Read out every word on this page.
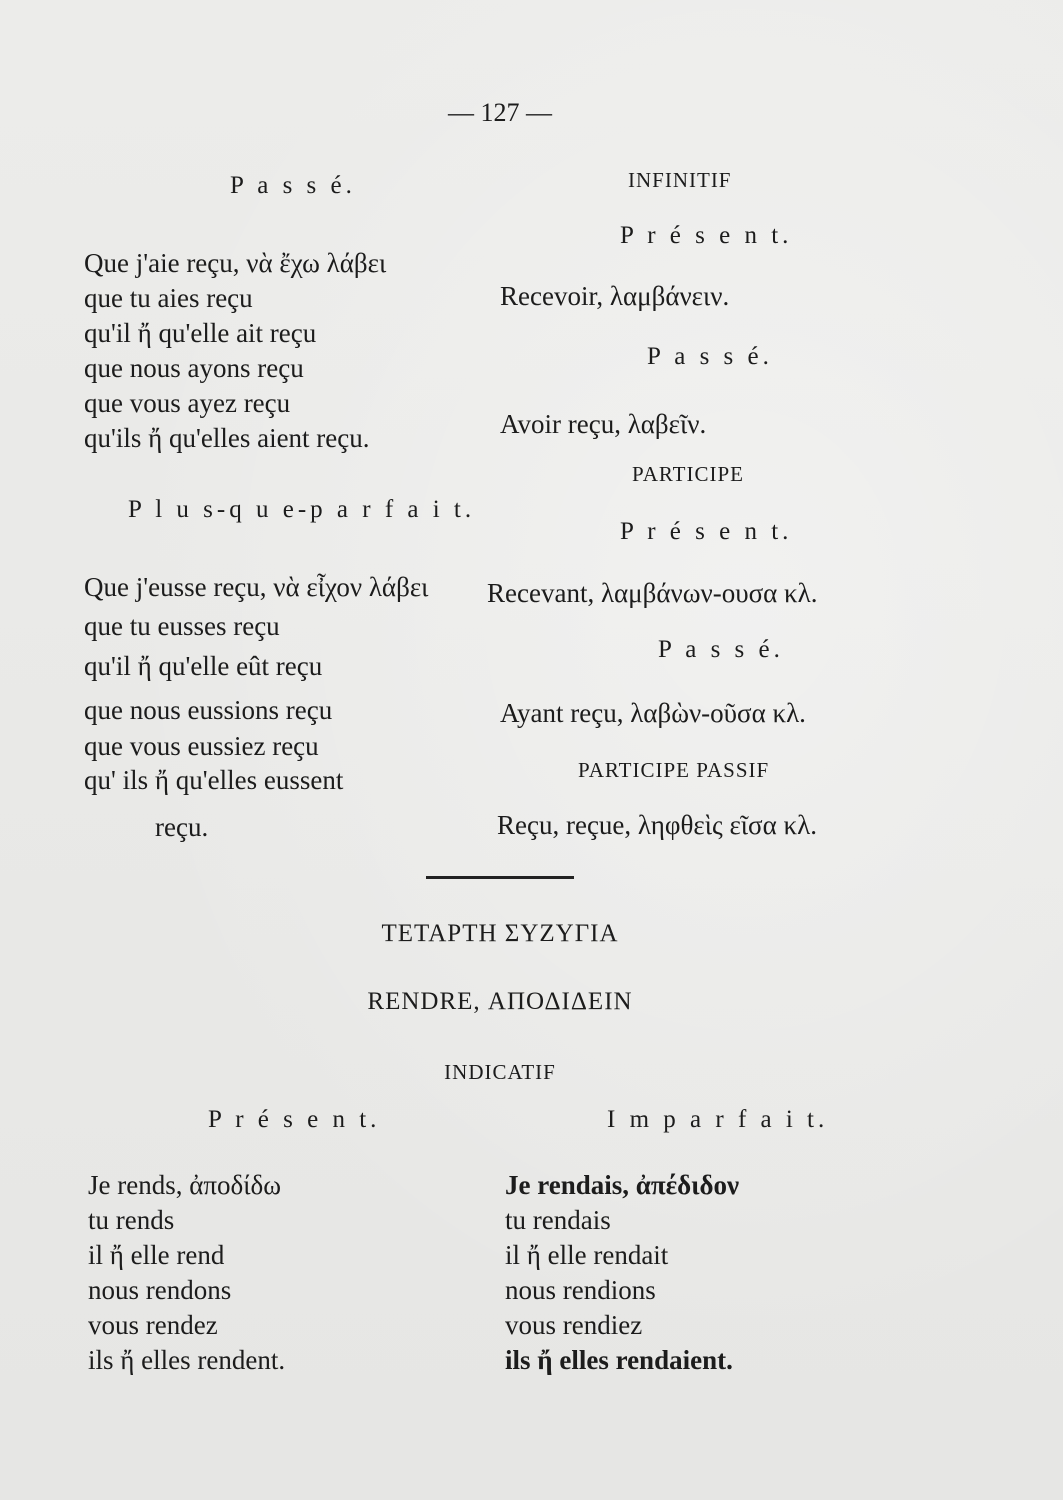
— 127 —
P a s s é.
Que j'aie reçu, νὰ ἔχω λάβει
que tu aies reçu
qu'il ἤ qu'elle ait reçu
que nous ayons reçu
que vous ayez reçu
qu'ils ἤ qu'elles aient reçu.
P l u s-q u e-p a r f a i t.
Que j'eusse reçu, νὰ εἶχον λάβει
que tu eusses reçu
qu'il ἤ qu'elle eût reçu
que nous eussions reçu
que vous eussiez reçu
qu' ils ἤ qu'elles eussent
reçu.
INFINITIF
P r é s e n t.
Recevoir, λαμβάνειν.
P a s s é.
Avoir reçu, λαβεῖν.
PARTICIPE
P r é s e n t.
Recevant, λαμβάνων-ουσα κλ.
P a s s é.
Ayant reçu, λαβὼν-οῦσα κλ.
PARTICIPE PASSIF
Reçu, reçue, ληφθεὶς εῖσα κλ.
ΤΕΤΑΡΤΗ ΣΥΖΥΓΙΑ
RENDRE, ΑΠΟΔΙΔΕΙΝ
INDICATIF
P r é s e n t.	I m p a r f a i t.
Je rends, ἀποδίδω
tu rends
il ἤ elle rend
nous rendons
vous rendez
ils ἤ elles rendent.
Je rendais, ἀπέδιδον
tu rendais
il ἤ elle rendait
nous rendions
vous rendiez
ils ἤ elles rendaient.
